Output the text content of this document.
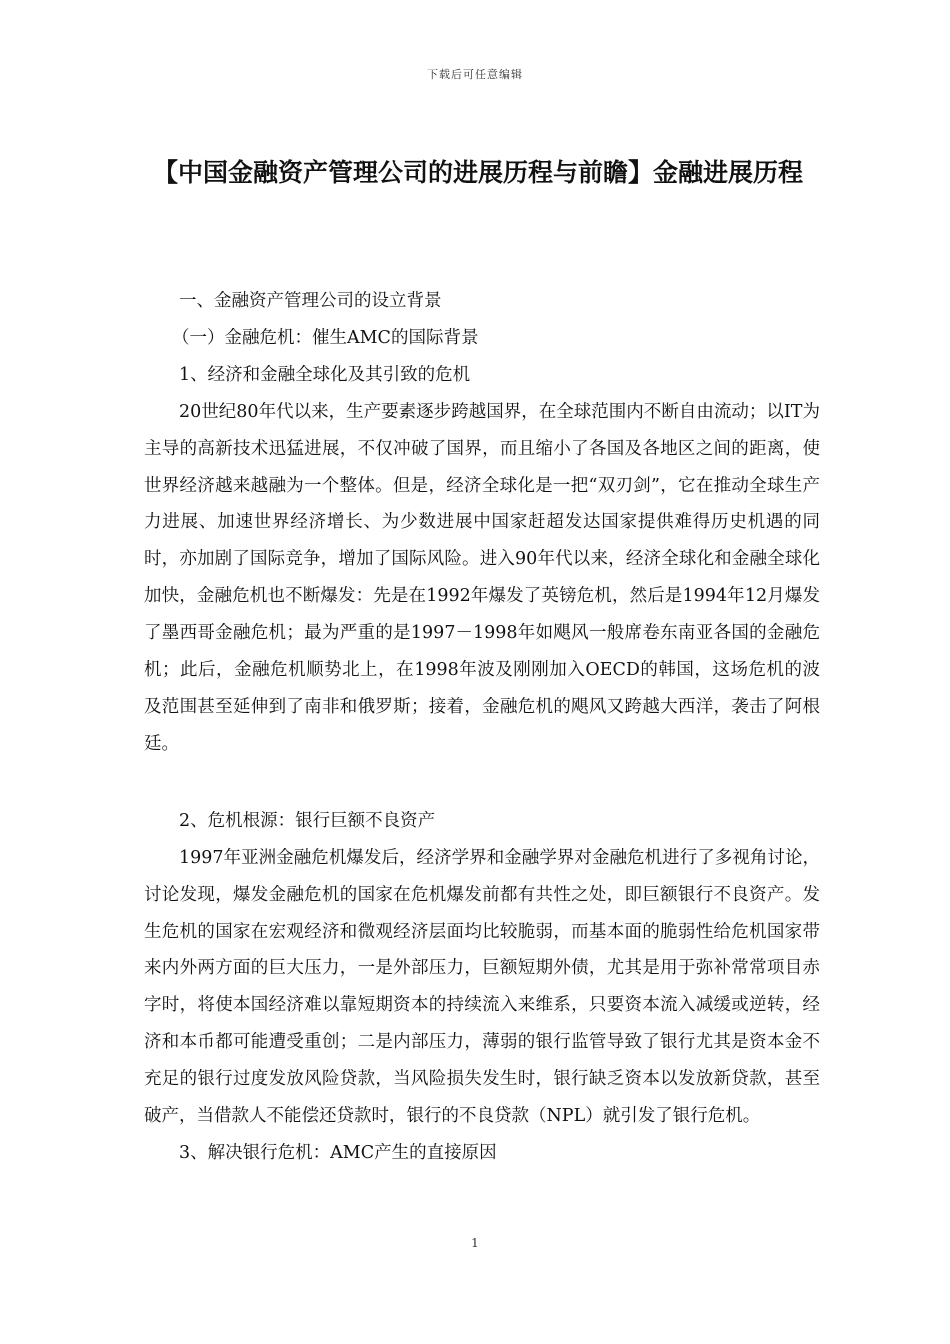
下载后可任意编辑
【中国金融资产管理公司的进展历程与前瞻】金融进展历程

一、金融资产管理公司的设立背景

（一）金融危机：催生AMC的国际背景

1、经济和金融全球化及其引致的危机

20世纪80年代以来，生产要素逐步跨越国界，在全球范围内不断自由流动；以IT为主导的高新技术迅猛进展，不仅冲破了国界，而且缩小了各国及各地区之间的距离，使世界经济越来越融为一个整体。但是，经济全球化是一把“双刃剑”，它在推动全球生产力进展、加速世界经济增长、为少数进展中国家赶超发达国家提供难得历史机遇的同时，亦加剧了国际竞争，增加了国际风险。进入90年代以来，经济全球化和金融全球化加快，金融危机也不断爆发：先是在1992年爆发了英镑危机，然后是1994年12月爆发了墨西哥金融危机；最为严重的是1997－1998年如飓风一般席卷东南亚各国的金融危机；此后，金融危机顺势北上，在1998年波及刚刚加入OECD的韩国，这场危机的波及范围甚至延伸到了南非和俄罗斯；接着，金融危机的飓风又跨越大西洋，袭击了阿根廷。

2、危机根源：银行巨额不良资产

1997年亚洲金融危机爆发后，经济学界和金融学界对金融危机进行了多视角讨论，讨论发现，爆发金融危机的国家在危机爆发前都有共性之处，即巨额银行不良资产。发生危机的国家在宏观经济和微观经济层面均比较脆弱，而基本面的脆弱性给危机国家带来内外两方面的巨大压力，一是外部压力，巨额短期外债，尤其是用于弥补常常项目赤字时，将使本国经济难以靠短期资本的持续流入来维系，只要资本流入减缓或逆转，经济和本币都可能遭受重创；二是内部压力，薄弱的银行监管导致了银行尤其是资本金不充足的银行过度发放风险贷款，当风险损失发生时，银行缺乏资本以发放新贷款，甚至破产，当借款人不能偿还贷款时，银行的不良贷款（NPL）就引发了银行危机。

3、解决银行危机：AMC产生的直接原因

1
